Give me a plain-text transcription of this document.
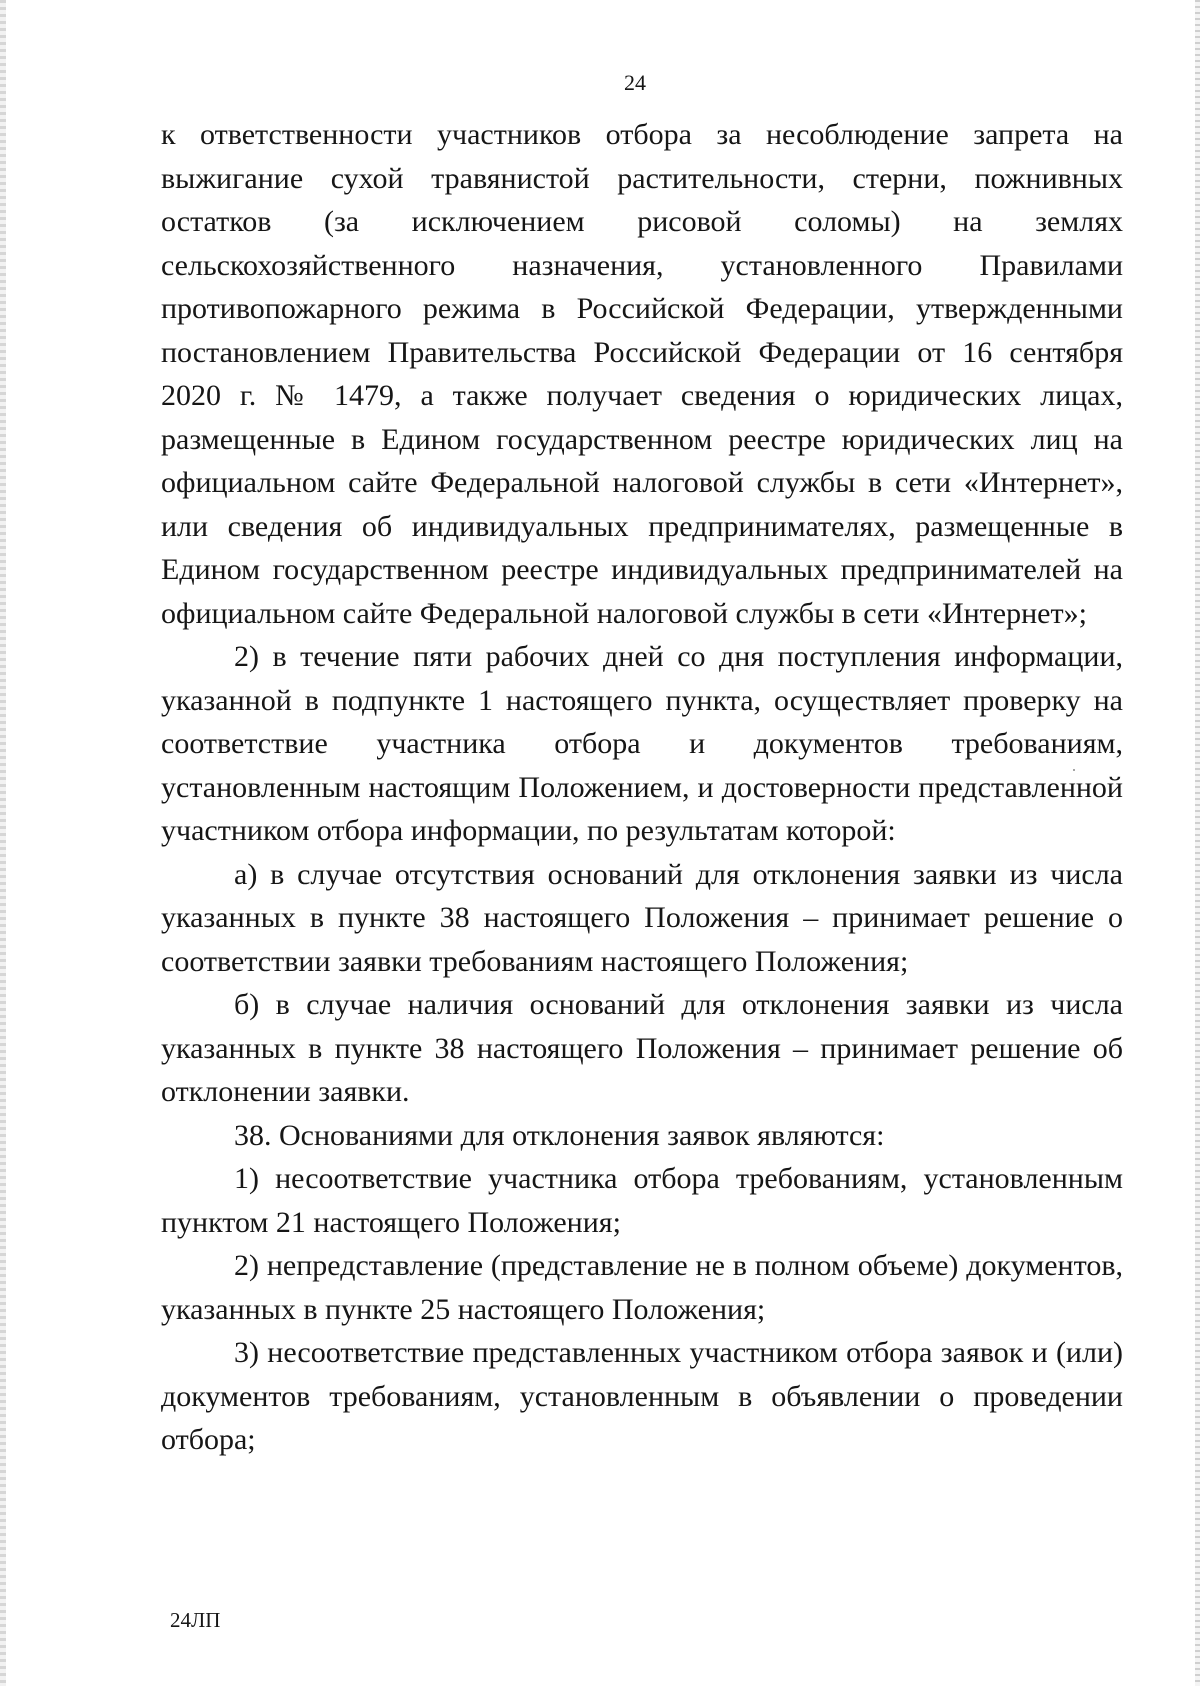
24

к ответственности участников отбора за несоблюдение запрета на выжигание сухой травянистой растительности, стерни, пожнивных остатков (за исключением рисовой соломы) на землях сельскохозяйственного назначения, установленного Правилами противопожарного режима в Российской Федерации, утвержденными постановлением Правительства Российской Федерации от 16 сентября 2020 г. № 1479, а также получает сведения о юридических лицах, размещенные в Едином государственном реестре юридических лиц на официальном сайте Федеральной налоговой службы в сети «Интернет», или сведения об индивидуальных предпринимателях, размещенные в Едином государственном реестре индивидуальных предпринимателей на официальном сайте Федеральной налоговой службы в сети «Интернет»;

2) в течение пяти рабочих дней со дня поступления информации, указанной в подпункте 1 настоящего пункта, осуществляет проверку на соответствие участника отбора и документов требованиям, установленным настоящим Положением, и достоверности представленной участником отбора информации, по результатам которой:

а) в случае отсутствия оснований для отклонения заявки из числа указанных в пункте 38 настоящего Положения – принимает решение о соответствии заявки требованиям настоящего Положения;

б) в случае наличия оснований для отклонения заявки из числа указанных в пункте 38 настоящего Положения – принимает решение об отклонении заявки.

38. Основаниями для отклонения заявок являются:

1) несоответствие участника отбора требованиям, установленным пунктом 21 настоящего Положения;

2) непредставление (представление не в полном объеме) документов, указанных в пункте 25 настоящего Положения;

3) несоответствие представленных участником отбора заявок и (или) документов требованиям, установленным в объявлении о проведении отбора;

24ЛП
